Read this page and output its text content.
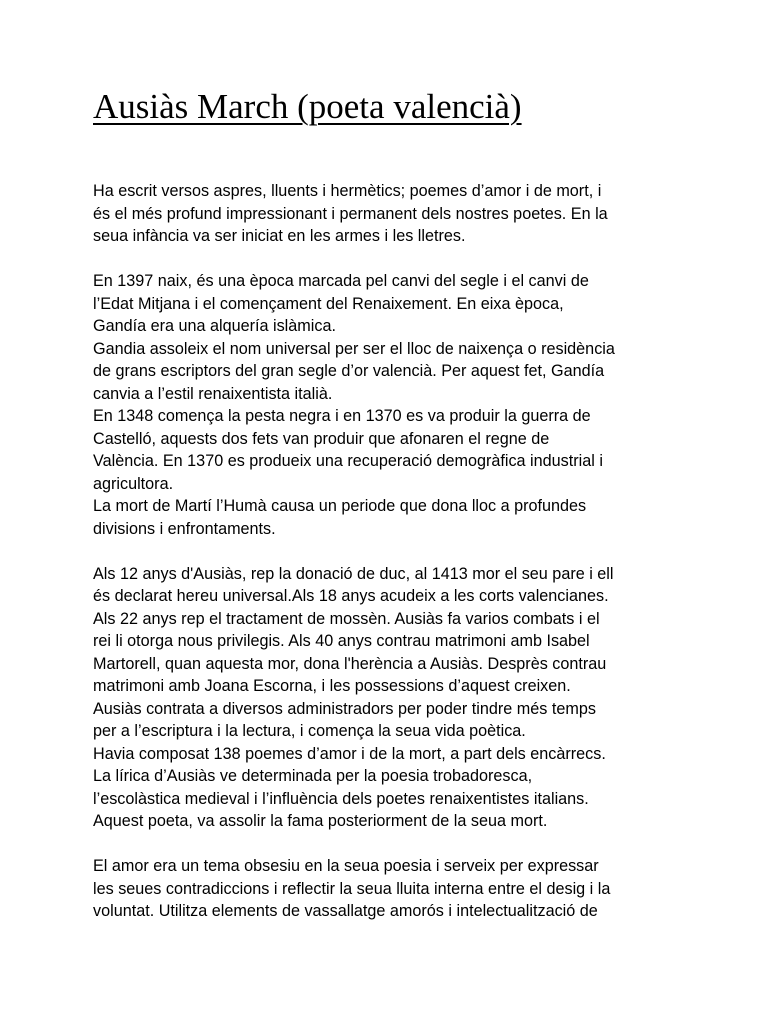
Ausiàs March (poeta valencià)

Ha escrit versos aspres, lluents i hermètics; poemes d’amor i de mort, i
és el més profund impressionant i permanent dels nostres poetes. En la
seua infància va ser iniciat en les armes i les lletres.

En 1397 naix, és una època marcada pel canvi del segle i el canvi de
l’Edat Mitjana i el començament del Renaixement. En eixa època,
Gandía era una alquería islàmica.
Gandia assoleix el nom universal per ser el lloc de naixença o residència
de grans escriptors del gran segle d’or valencià. Per aquest fet, Gandía
canvia a l’estil renaixentista italià.
En 1348 comença la pesta negra i en 1370 es va produir la guerra de
Castelló, aquests dos fets van produir que afonaren el regne de
València. En 1370 es produeix una recuperació demogràfica industrial i
agricultora.
La mort de Martí l’Humà causa un periode que dona lloc a profundes
divisions i enfrontaments.

Als 12 anys d'Ausiàs, rep la donació de duc, al 1413 mor el seu pare i ell
és declarat hereu universal.Als 18 anys acudeix a les corts valencianes.
Als 22 anys rep el tractament de mossèn. Ausiàs fa varios combats i el
rei li otorga nous privilegis. Als 40 anys contrau matrimoni amb Isabel
Martorell, quan aquesta mor, dona l'herència a Ausiàs. Desprès contrau
matrimoni amb Joana Escorna, i les possessions d’aquest creixen.
Ausiàs contrata a diversos administradors per poder tindre més temps
per a l’escriptura i la lectura, i comença la seua vida poètica.
Havia composat 138 poemes d’amor i de la mort, a part dels encàrrecs.
La lírica d’Ausiàs ve determinada per la poesia trobadoresca,
l’escolàstica medieval i l’influència dels poetes renaixentistes italians.
Aquest poeta, va assolir la fama posteriorment de la seua mort.

El amor era un tema obsesiu en la seua poesia i serveix per expressar
les seues contradiccions i reflectir la seua lluita interna entre el desig i la
voluntat. Utilitza elements de vassallatge amorós i intelectualització de
